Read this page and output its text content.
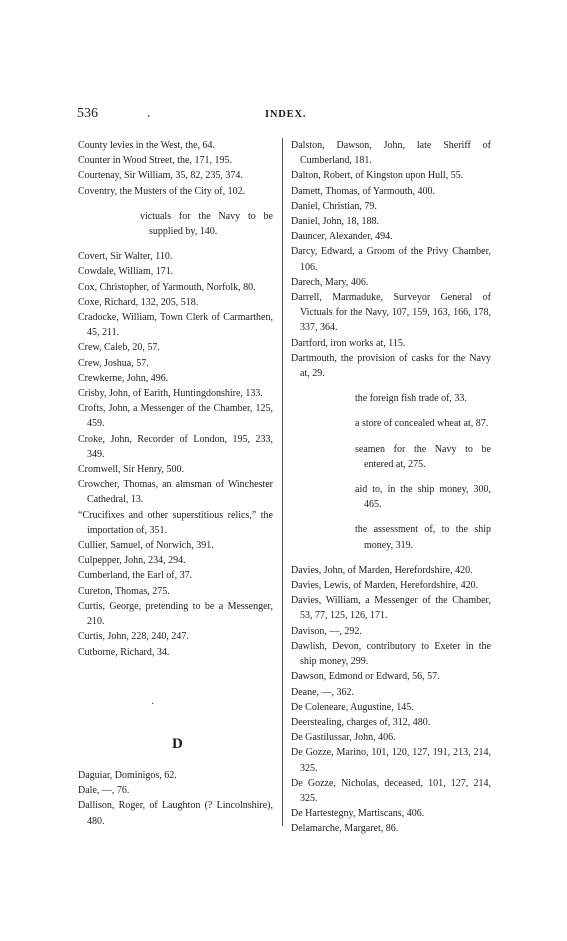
536	.	INDEX.

County levies in the West, the, 64.

Counter in Wood Street, the, 171, 195.

Courtenay, Sir William, 35, 82, 235, 374.

Coventry, the Musters of the City of, 102.

victuals for the Navy to be supplied by, 140.

Covert, Sir Walter, 110.

Cowdale, William, 171.

Cox, Christopher, of Yarmouth, Norfolk, 80.

Coxe, Richard, 132, 205, 518.

Cradocke, William, Town Clerk of Carmarthen, 45, 211.

Crew, Caleb, 20, 57.

Crew, Joshua, 57.

Crewkerne, John, 496.

Crisby, John, of Earith, Huntingdonshire, 133.

Crofts, John, a Messenger of the Chamber, 125, 459.

Croke, John, Recorder of London, 195, 233, 349.

Cromwell, Sir Henry, 500.

Crowcher, Thomas, an almsman of Winchester Cathedral, 13.

“Crucifixes and other superstitious relics,” the importation of, 351.

Cullier, Samuel, of Norwich, 391.

Culpepper, John, 234, 294.

Cumberland, the Earl of, 37.

Cureton, Thomas, 275.

Curtis, George, pretending to be a Messenger, 210.

Curtis, John, 228, 240, 247.

Cutborne, Richard, 34.

·
D

Daguiar, Dominigos, 62.

Dale, —, 76.

Dallison, Roger, of Laughton (? Lincolnshire), 480.

Dalston, Dawson, John, late Sheriff of Cumberland, 181.

Dalton, Robert, of Kingston upon Hull, 55.

Damett, Thomas, of Yarmouth, 400.

Daniel, Christian, 79.

Daniel, John, 18, 188.

Dauncer, Alexander, 494.

Darcy, Edward, a Groom of the Privy Chamber, 106.

Darech, Mary, 406.

Darrell, Marmaduke, Surveyor General of Victuals for the Navy, 107, 159, 163, 166, 178, 337, 364.

Dartford, iron works at, 115.

Dartmouth, the provision of casks for the Navy at, 29.

the foreign fish trade of, 33.

a store of concealed wheat at, 87.

seamen for the Navy to be entered at, 275.

aid to, in the ship money, 300, 465.

the assessment of, to the ship money, 319.

Davies, John, of Marden, Herefordshire, 420.

Davies, Lewis, of Marden, Herefordshire, 420.

Davies, William, a Messenger of the Chamber, 53, 77, 125, 126, 171.

Davison, —, 292.

Dawlish, Devon, contributory to Exeter in the ship money, 299.

Dawson, Edmond or Edward, 56, 57.

Deane, —, 362.

De Coleneare, Augustine, 145.

Deerstealing, charges of, 312, 480.

De Gastilussar, John, 406.

De Gozze, Marino, 101, 120, 127, 191, 213, 214, 325.

De Gozze, Nicholas, deceased, 101, 127, 214, 325.

De Hartestegny, Martiscans, 406.

Delamarche, Margaret, 86.
